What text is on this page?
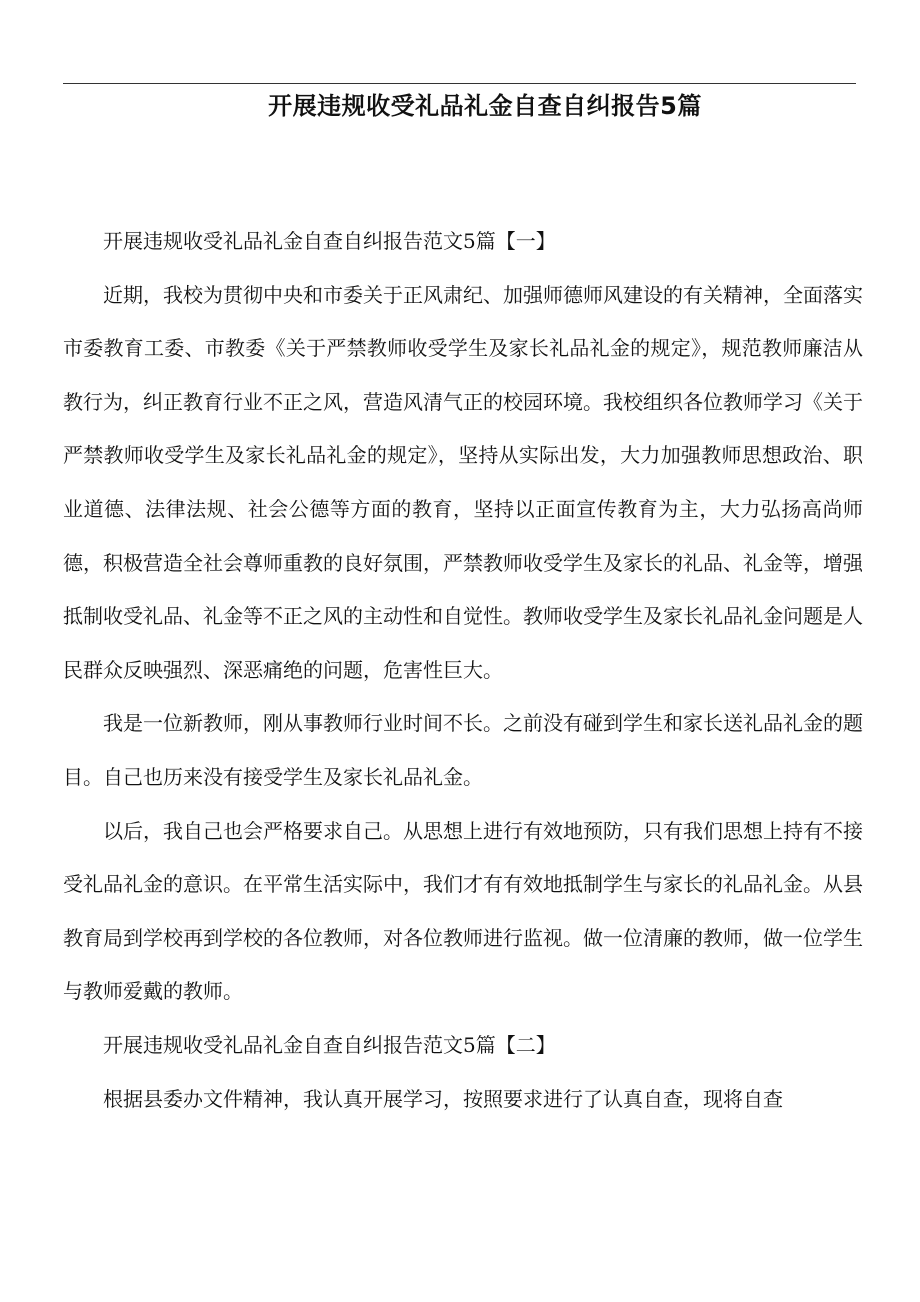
开展违规收受礼品礼金自查自纠报告5篇

开展违规收受礼品礼金自查自纠报告范文5篇【一】

近期，我校为贯彻中央和市委关于正风肃纪、加强师德师风建设的有关精神，全面落实市委教育工委、市教委《关于严禁教师收受学生及家长礼品礼金的规定》，规范教师廉洁从教行为，纠正教育行业不正之风，营造风清气正的校园环境。我校组织各位教师学习《关于严禁教师收受学生及家长礼品礼金的规定》，坚持从实际出发，大力加强教师思想政治、职业道德、法律法规、社会公德等方面的教育，坚持以正面宣传教育为主，大力弘扬高尚师德，积极营造全社会尊师重教的良好氛围，严禁教师收受学生及家长的礼品、礼金等，增强抵制收受礼品、礼金等不正之风的主动性和自觉性。教师收受学生及家长礼品礼金问题是人民群众反映强烈、深恶痛绝的问题，危害性巨大。

我是一位新教师，刚从事教师行业时间不长。之前没有碰到学生和家长送礼品礼金的题目。自己也历来没有接受学生及家长礼品礼金。

以后，我自己也会严格要求自己。从思想上进行有效地预防，只有我们思想上持有不接受礼品礼金的意识。在平常生活实际中，我们才有有效地抵制学生与家长的礼品礼金。从县教育局到学校再到学校的各位教师，对各位教师进行监视。做一位清廉的教师，做一位学生与教师爱戴的教师。

开展违规收受礼品礼金自查自纠报告范文5篇【二】

根据县委办文件精神，我认真开展学习，按照要求进行了认真自查，现将自查
